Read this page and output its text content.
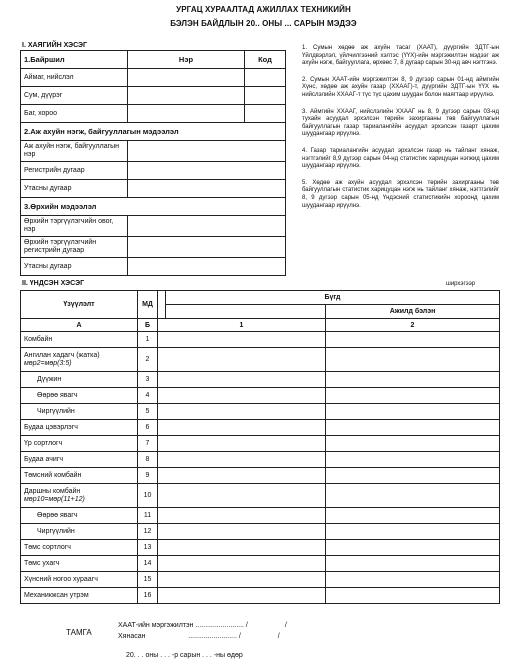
УРГАЦ ХУРААЛТАД АЖИЛЛАХ ТЕХНИКИЙН
БЭЛЭН БАЙДЛЫН 20.. ОНЫ ... САРЫН МЭДЭЭ
I. ХАЯГИЙН ХЭСЭГ
1.Байршил	Нэр	Код
Аймаг, нийслэл		
Сум, дүүрэг		
Баг, хороо		
2.Аж ахуйн нэгж, байгууллагын мэдээлэл		
Аж ахуйн нэгж, байгууллагын нэр		
Регистрийн дугаар		
Утасны дугаар		
3.Өрхийн мэдээлэл		
Өрхийн тэргүүлэгчийн овог, нэр		
Өрхийн тэргүүлэгчийн регистрийн дугаар		
Утасны дугаар		

1. Сумын хөдөө аж ахуйн тасаг (ХААТ), дүүргийн ЗДТГ-ын Үйлдвэрлэл, үйлчилгээний хэлтэс (ҮҮХ)-ийн мэргэжилтэн мэдээг аж ахуйн нэгж, байгууллага, өрхөөс 7, 8 дугаар сарын 30-нд авч нэгтгэнэ.

2. Сумын ХААТ-ийн мэргэжилтэн 8, 9 дүгээр сарын 01-нд аймгийн Хүнс, хөдөө аж ахуйн газар (ХХААГ)-т, дүүргийн ЗДТГ-ын ҮҮХ нь нийслэлийн ХХААГ-т түс түс цахим шуудан болон маягтаар ирүүлнэ.

3. Аймгийн ХХААГ, нийслэлийн ХХААГ нь 8, 9 дүгээр сарын 03-нд тухайн асуудал эрхэлсэн төрийн захиргааны төв байгууллагын байгууллагын газар тариаланги́йн асуудал эрхэлсэн газарт цахим шуудангаар ирүүлнэ.

4. Газар тариалангийн асуудал эрхэлсэн газар нь тайланг хянаж, нэгтгэлийг 8,9 дүгээр сарын 04-нд статистик харицуцан нэгжид цахим шуудангаар ирүүлнэ.

5. Хөдөө аж ахуйн асуудал эрхэлсэн төрийн захиргааны төв байгууллагын статистик харицуцан нэгж нь тайланг хянаж, нэгтгэлийг 8, 9 дүгээр сарын 05-нд Үндэсний статистикийн хороонд цахим шуудангаар ирүүлнэ.

II. ҮНДСЭН ХЭСЭГ	ширхэгээр
Үзүүлэлт	МД		Бүгд	
				Ажилд бэлэн
А	Б	1		2
Комбайн	1			
Ангилан хадагч (жатка)
мөр2=мөр(3:5)	2			
Дүүжин	3			
Өөрөө явагч	4			
Чиргүүлийн	5			
Будаа цэвэрлэгч	6			
Үр сортлогч	7			
Будаа ачигч	8			
Төмсний комбайн	9			
Даршны комбайн
мөр10=мөр(11+12)	10			
Өөрөө явагч	11			
Чиргүүлийн	12			
Төмс сортлогч	13			
Төмс ухагч	14			
Хүнсний ногоо хураагч	15			
Механикжсан утрэм	16			
ТАМГА
ХААТ-ийн мэргэжилтэн ......................... /                   /
Хянасан                      ......................... /                   /
20. . . оны . . . -р сарын . . . -ны өдөр
